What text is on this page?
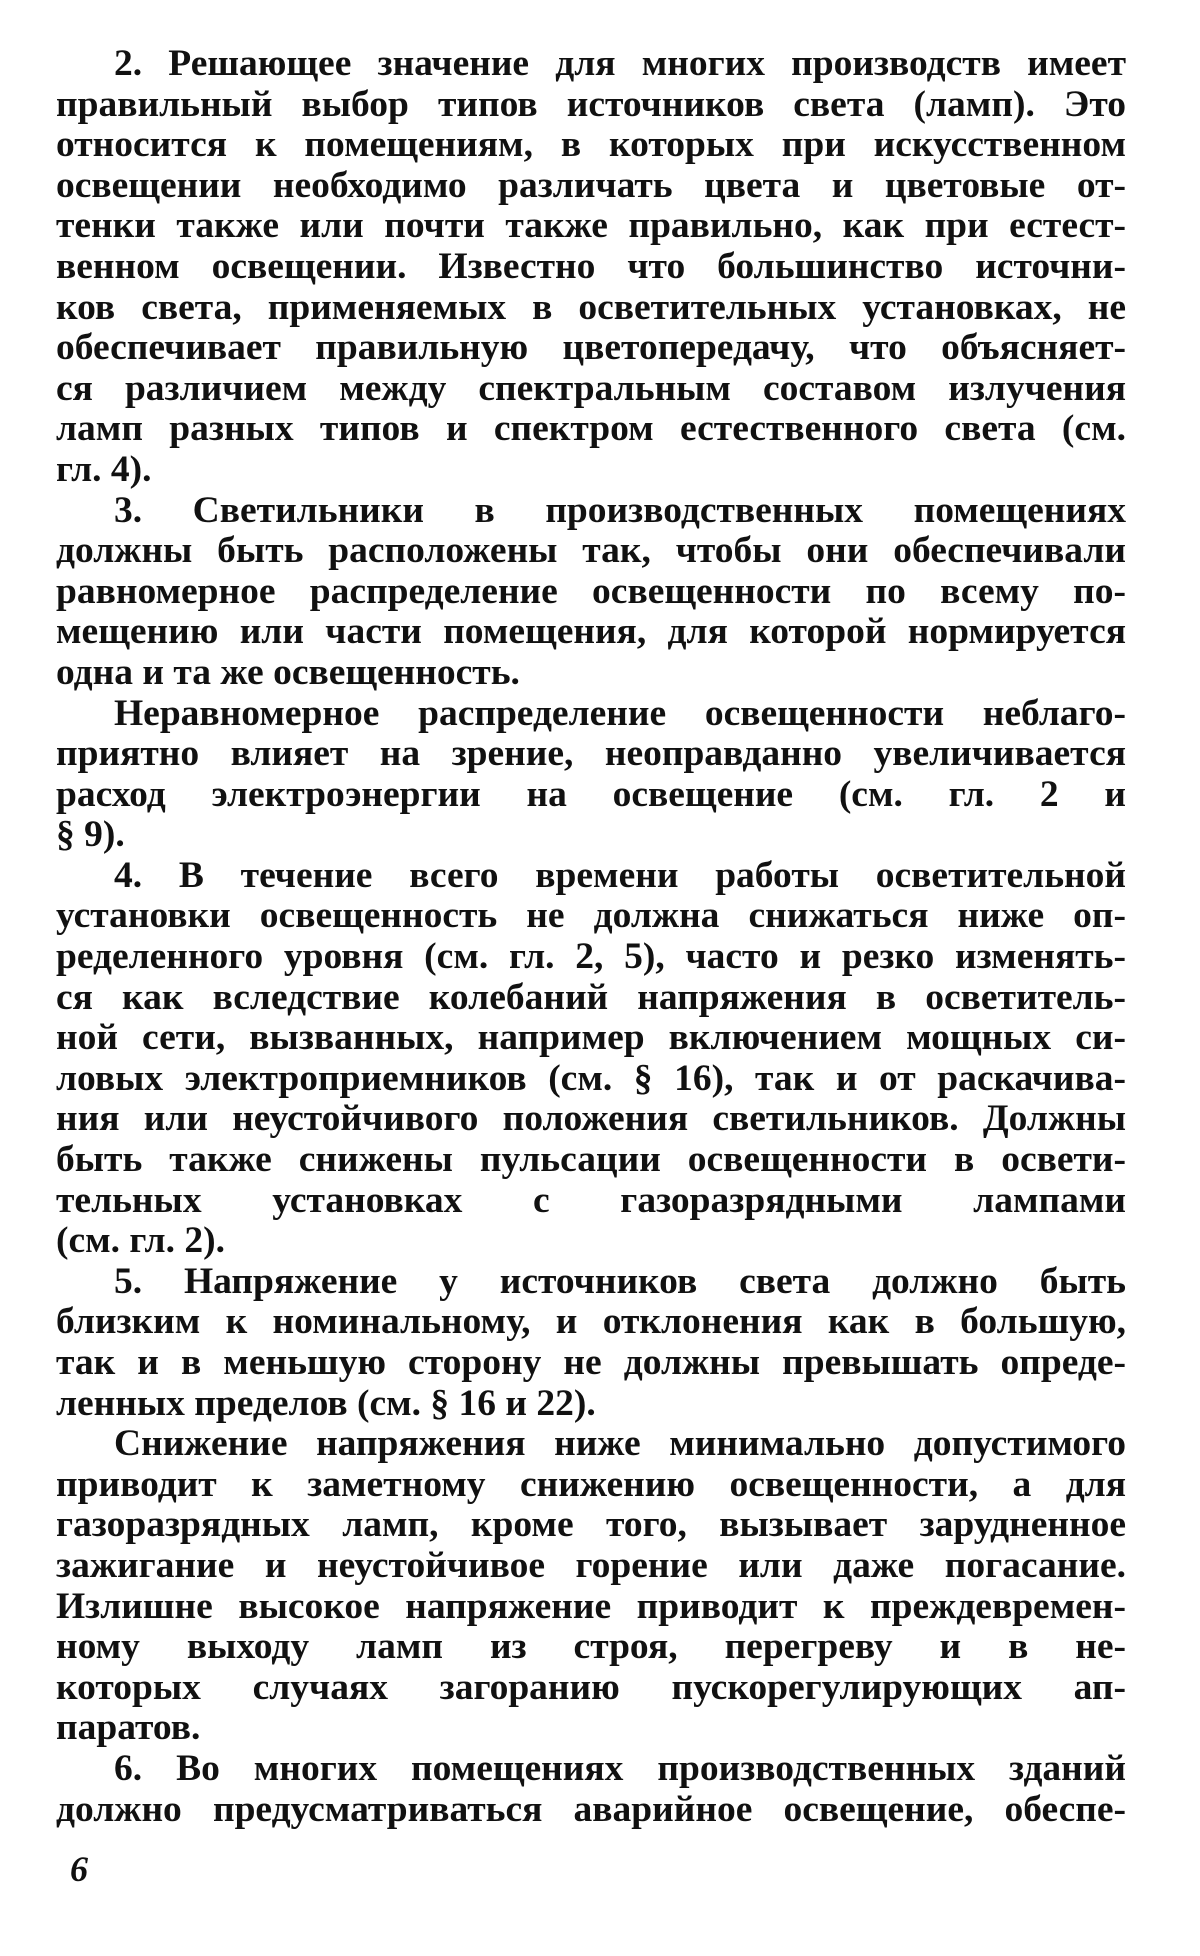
2. Решающее значение для многих производств имеет
правильный выбор типов источников света (ламп). Это
относится к помещениям, в которых при искусственном
освещении необходимо различать цвета и цветовые от-
тенки также или почти также правильно, как при естест-
венном освещении. Известно что большинство источни-
ков света, применяемых в осветительных установках, не
обеспечивает правильную цветопередачу, что объясняет-
ся различием между спектральным составом излучения
ламп разных типов и спектром естественного света (см.
гл. 4).
3. Светильники в производственных помещениях
должны быть расположены так, чтобы они обеспечивали
равномерное распределение освещенности по всему по-
мещению или части помещения, для которой нормируется
одна и та же освещенность.
Неравномерное распределение освещенности неблаго-
приятно влияет на зрение, неоправданно увеличивается
расход электроэнергии на освещение (см. гл. 2 и
§ 9).
4. В течение всего времени работы осветительной
установки освещенность не должна снижаться ниже оп-
ределенного уровня (см. гл. 2, 5), часто и резко изменять-
ся как вследствие колебаний напряжения в осветитель-
ной сети, вызванных, например включением мощных си-
ловых электроприемников (см. § 16), так и от раскачива-
ния или неустойчивого положения светильников. Должны
быть также снижены пульсации освещенности в освети-
тельных установках с газоразрядными лампами
(см. гл. 2).
5. Напряжение у источников света должно быть
близким к номинальному, и отклонения как в большую,
так и в меньшую сторону не должны превышать опреде-
ленных пределов (см. § 16 и 22).
Снижение напряжения ниже минимально допустимого
приводит к заметному снижению освещенности, а для
газоразрядных ламп, кроме того, вызывает зарудненное
зажигание и неустойчивое горение или даже погасание.
Излишне высокое напряжение приводит к преждевремен-
ному выходу ламп из строя, перегреву и в не-
которых случаях загоранию пускорегулирующих ап-
паратов.
6. Во многих помещениях производственных зданий
должно предусматриваться аварийное освещение, обеспе-
6
